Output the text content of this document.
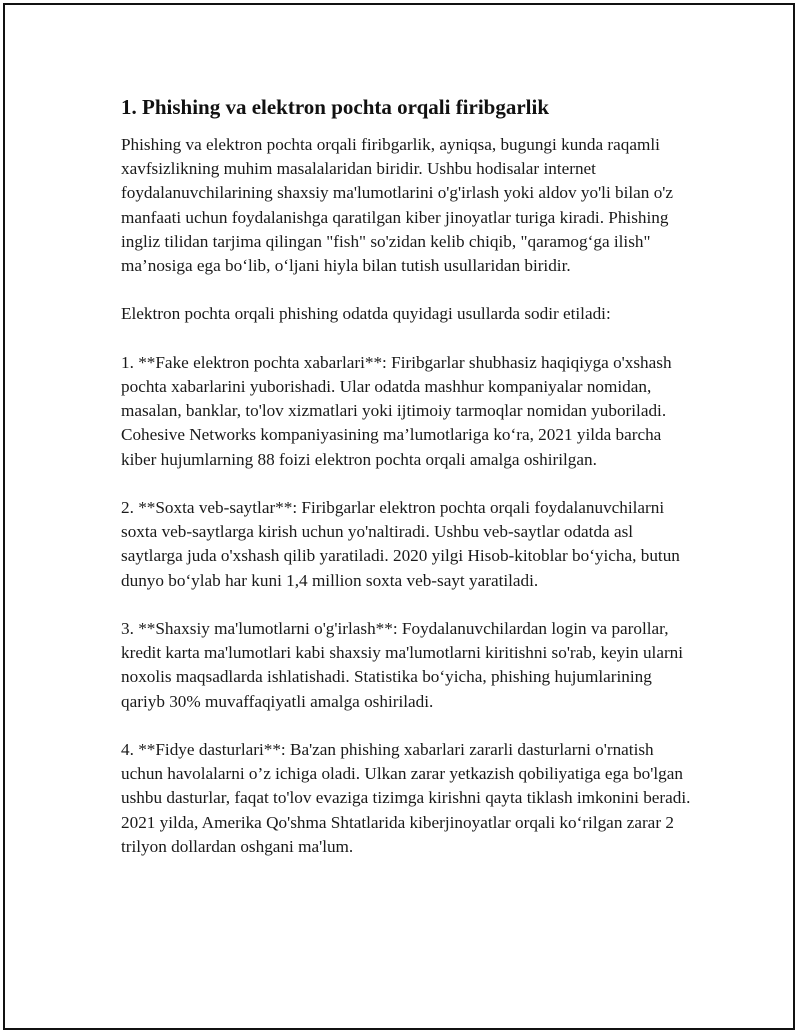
1. Phishing va elektron pochta orqali firibgarlik

Phishing va elektron pochta orqali firibgarlik, ayniqsa, bugungi kunda raqamli xavfsizlikning muhim masalalaridan biridir. Ushbu hodisalar internet foydalanuvchilarining shaxsiy ma'lumotlarini o'g'irlash yoki aldov yo'li bilan o'z manfaati uchun foydalanishga qaratilgan kiber jinoyatlar turiga kiradi. Phishing ingliz tilidan tarjima qilingan "fish" so'zidan kelib chiqib, "qaramog‘ga ilish" ma’nosiga ega bo‘lib, o‘ljani hiyla bilan tutish usullaridan biridir.

Elektron pochta orqali phishing odatda quyidagi usullarda sodir etiladi:

1. **Fake elektron pochta xabarlari**: Firibgarlar shubhasiz haqiqiyga o'xshash pochta xabarlarini yuborishadi. Ular odatda mashhur kompaniyalar nomidan, masalan, banklar, to'lov xizmatlari yoki ijtimoiy tarmoqlar nomidan yuboriladi. Cohesive Networks kompaniyasining ma’lumotlariga ko‘ra, 2021 yilda barcha kiber hujumlarning 88 foizi elektron pochta orqali amalga oshirilgan.

2. **Soxta veb-saytlar**: Firibgarlar elektron pochta orqali foydalanuvchilarni soxta veb-saytlarga kirish uchun yo'naltiradi. Ushbu veb-saytlar odatda asl saytlarga juda o'xshash qilib yaratiladi. 2020 yilgi Hisob-kitoblar bo‘yicha, butun dunyo bo‘ylab har kuni 1,4 million soxta veb-sayt yaratiladi.

3. **Shaxsiy ma'lumotlarni o'g'irlash**: Foydalanuvchilardan login va parollar, kredit karta ma'lumotlari kabi shaxsiy ma'lumotlarni kiritishni so'rab, keyin ularni noxolis maqsadlarda ishlatishadi. Statistika bo‘yicha, phishing hujumlarining qariyb 30% muvaffaqiyatli amalga oshiriladi.

4. **Fidye dasturlari**: Ba'zan phishing xabarlari zararli dasturlarni o'rnatish uchun havolalarni o’z ichiga oladi. Ulkan zarar yetkazish qobiliyatiga ega bo'lgan ushbu dasturlar, faqat to'lov evaziga tizimga kirishni qayta tiklash imkonini beradi. 2021 yilda, Amerika Qo'shma Shtatlarida kiberjinoyatlar orqali ko‘rilgan zarar 2 trilyon dollardan oshgani ma'lum.
